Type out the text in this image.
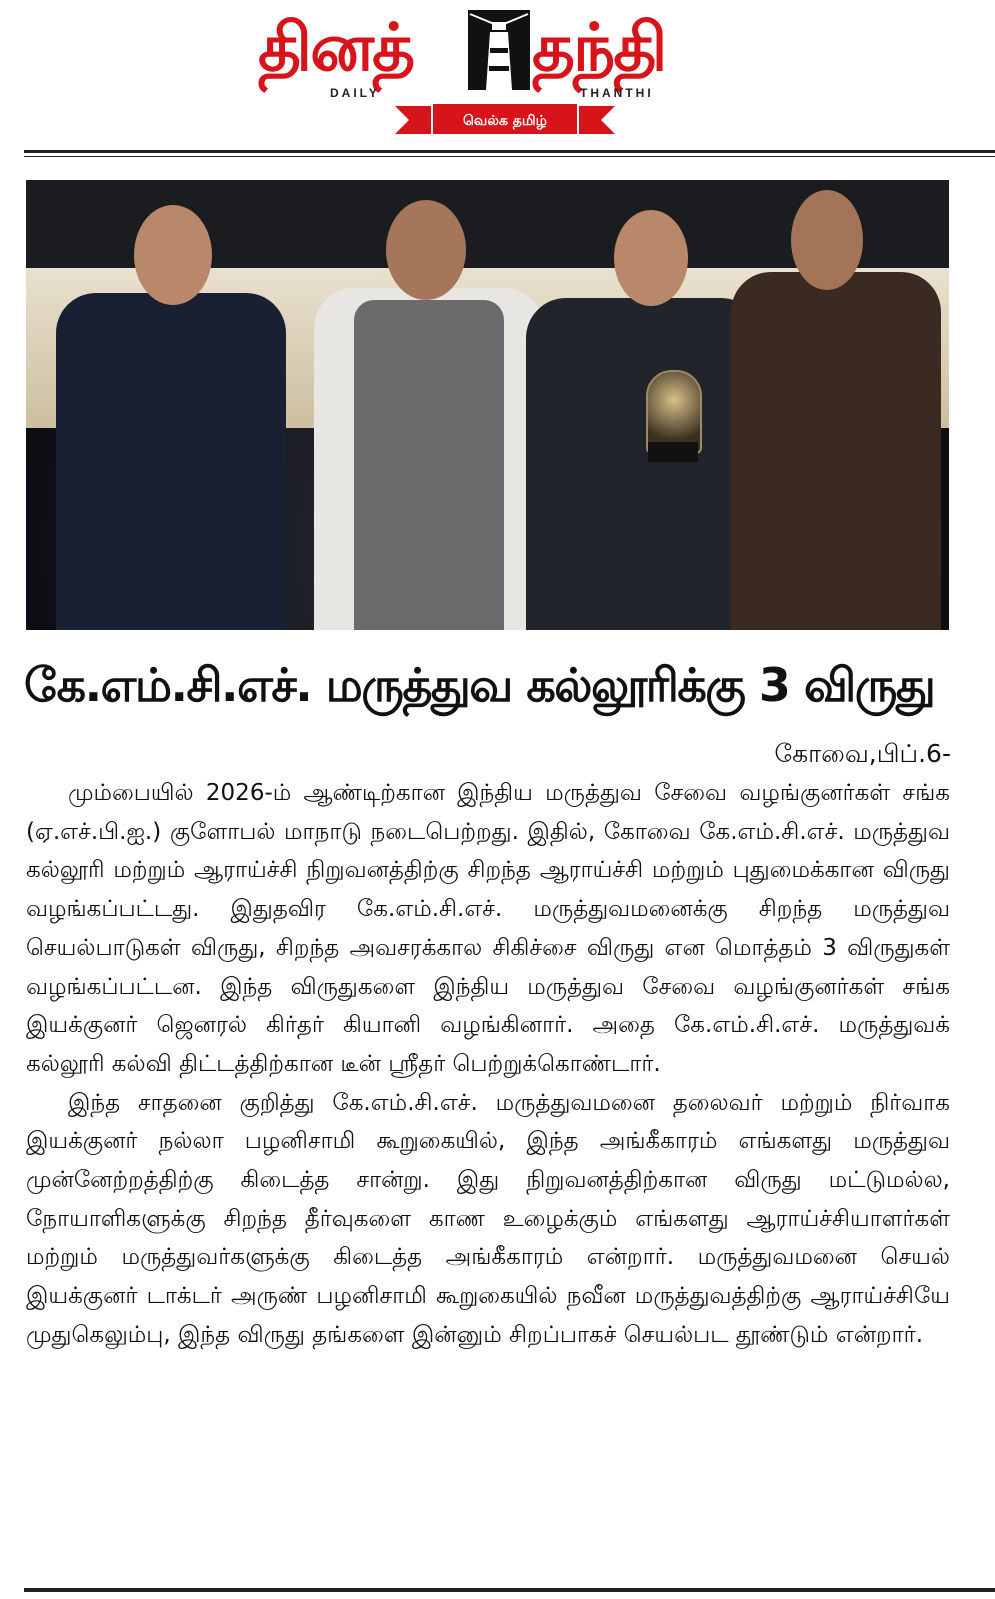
தினத் தந்தி
DAILY	THANTHI
வெல்க தமிழ்
கே.எம்.சி.எச். மருத்துவ கல்லூரிக்கு 3 விருது
கோவை,பிப்.6-

மும்பையில் 2026-ம் ஆண்டிற்கான இந்திய மருத்துவ சேவை வழங்குனர்கள் சங்க (ஏ.எச்.பி.ஐ.) குளோபல் மாநாடு நடைபெற்றது. இதில், கோவை கே.எம்.சி.எச். மருத்துவ கல்லூரி மற்றும் ஆராய்ச்சி நிறுவனத்திற்கு சிறந்த ஆராய்ச்சி மற்றும் புதுமைக்கான விருது வழங்கப்பட்டது. இதுதவிர கே.எம்.சி.எச். மருத்துவமனைக்கு சிறந்த மருத்துவ செயல்பாடுகள் விருது, சிறந்த அவசரக்கால சிகிச்சை விருது என மொத்தம் 3 விருதுகள் வழங்கப்பட்டன. இந்த விருதுகளை இந்திய மருத்துவ சேவை வழங்குனர்கள் சங்க இயக்குனர் ஜெனரல் கிர்தர் கியானி வழங்கினார். அதை கே.எம்.சி.எச். மருத்துவக் கல்லூரி கல்வி திட்டத்திற்கான டீன் ஸ்ரீதர் பெற்றுக்கொண்டார்.

இந்த சாதனை குறித்து கே.எம்.சி.எச். மருத்துவமனை தலைவர் மற்றும் நிர்வாக இயக்குனர் நல்லா பழனிசாமி கூறுகையில், இந்த அங்கீகாரம் எங்களது மருத்துவ முன்னேற்றத்திற்கு கிடைத்த சான்று. இது நிறுவனத்திற்கான விருது மட்டுமல்ல, நோயாளிகளுக்கு சிறந்த தீர்வுகளை காண உழைக்கும் எங்களது ஆராய்ச்சியாளர்கள் மற்றும் மருத்துவர்களுக்கு கிடைத்த அங்கீகாரம் என்றார். மருத்துவமனை செயல் இயக்குனர் டாக்டர் அருண் பழனிசாமி கூறுகையில் நவீன மருத்துவத்திற்கு ஆராய்ச்சியே முதுகெலும்பு, இந்த விருது தங்களை இன்னும் சிறப்பாகச் செயல்பட தூண்டும் என்றார்.
